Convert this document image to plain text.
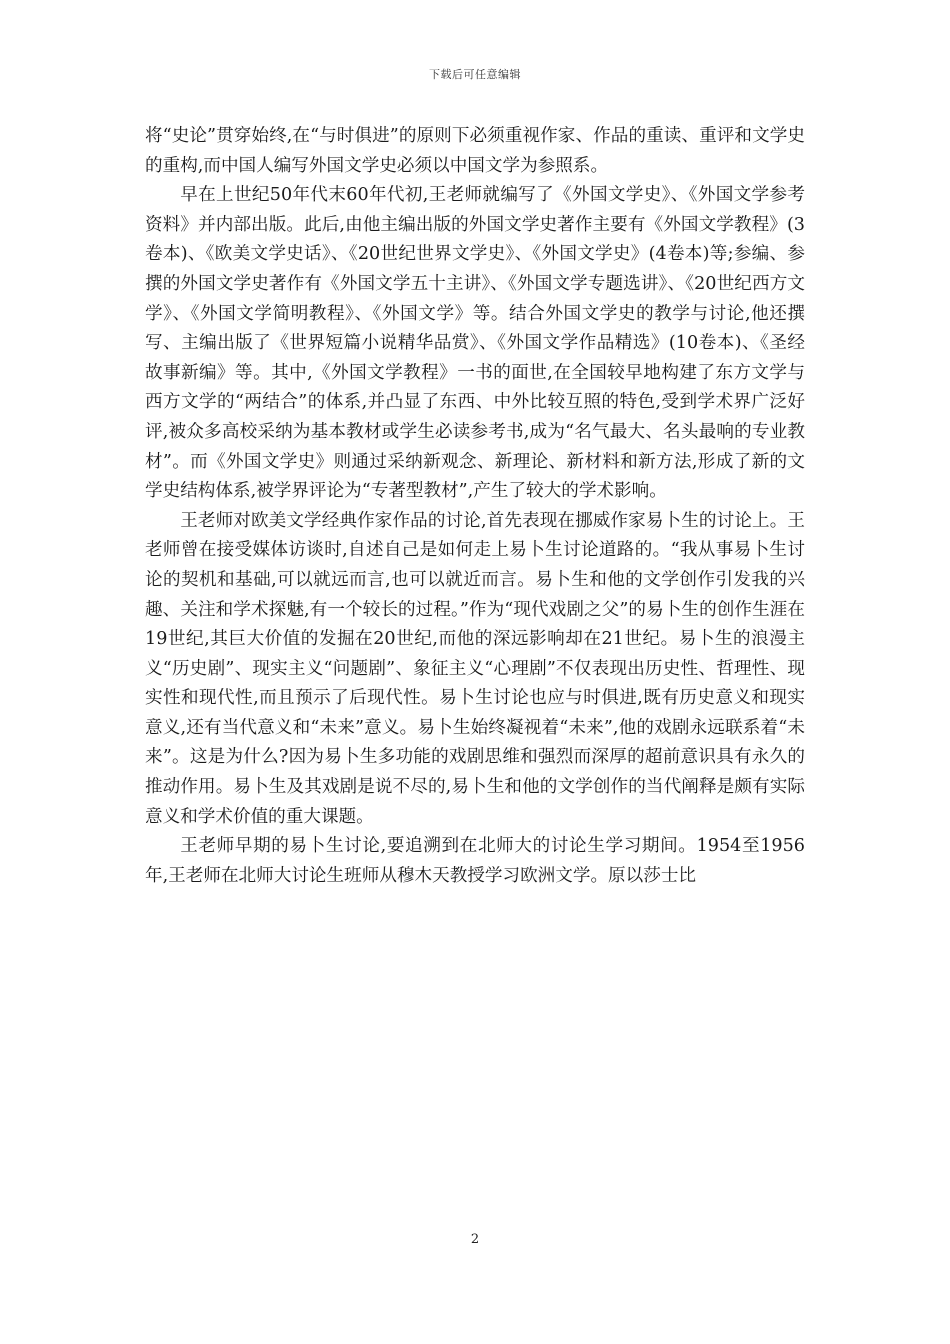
下载后可任意编辑

将“史论”贯穿始终,在“与时俱进”的原则下必须重视作家、作品的重读、重评和文学史的重构,而中国人编写外国文学史必须以中国文学为参照系。

早在上世纪50年代末60年代初,王老师就编写了《外国文学史》、《外国文学参考资料》并内部出版。此后,由他主编出版的外国文学史著作主要有《外国文学教程》(3卷本)、《欧美文学史话》、《20世纪世界文学史》、《外国文学史》(4卷本)等;参编、参撰的外国文学史著作有《外国文学五十主讲》、《外国文学专题选讲》、《20世纪西方文学》、《外国文学简明教程》、《外国文学》等。结合外国文学史的教学与讨论,他还撰写、主编出版了《世界短篇小说精华品赏》、《外国文学作品精选》(10卷本)、《圣经故事新编》等。其中,《外国文学教程》一书的面世,在全国较早地构建了东方文学与西方文学的“两结合”的体系,并凸显了东西、中外比较互照的特色,受到学术界广泛好评,被众多高校采纳为基本教材或学生必读参考书,成为“名气最大、名头最响的专业教材”。而《外国文学史》则通过采纳新观念、新理论、新材料和新方法,形成了新的文学史结构体系,被学界评论为“专著型教材”,产生了较大的学术影响。

王老师对欧美文学经典作家作品的讨论,首先表现在挪威作家易卜生的讨论上。王老师曾在接受媒体访谈时,自述自己是如何走上易卜生讨论道路的。“我从事易卜生讨论的契机和基础,可以就远而言,也可以就近而言。易卜生和他的文学创作引发我的兴趣、关注和学术探魅,有一个较长的过程。”作为“现代戏剧之父”的易卜生的创作生涯在19世纪,其巨大价值的发掘在20世纪,而他的深远影响却在21世纪。易卜生的浪漫主义“历史剧”、现实主义“问题剧”、象征主义“心理剧”不仅表现出历史性、哲理性、现实性和现代性,而且预示了后现代性。易卜生讨论也应与时俱进,既有历史意义和现实意义,还有当代意义和“未来”意义。易卜生始终凝视着“未来”,他的戏剧永远联系着“未来”。这是为什么?因为易卜生多功能的戏剧思维和强烈而深厚的超前意识具有永久的推动作用。易卜生及其戏剧是说不尽的,易卜生和他的文学创作的当代阐释是颇有实际意义和学术价值的重大课题。

王老师早期的易卜生讨论,要追溯到在北师大的讨论生学习期间。1954至1956年,王老师在北师大讨论生班师从穆木天教授学习欧洲文学。原以莎士比

2
